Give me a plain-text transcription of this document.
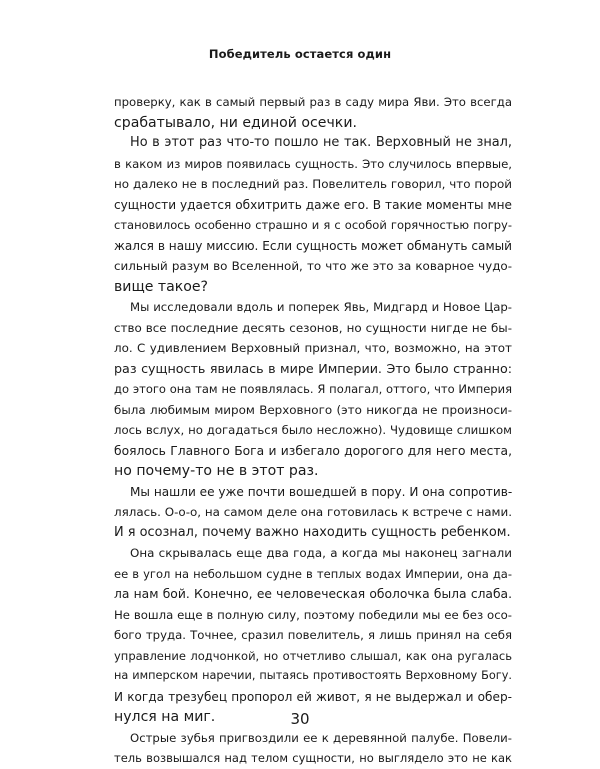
Победитель остается один
проверку, как в самый первый раз в саду мира Яви. Это всегда
срабатывало, ни единой осечки.
Но в этот раз что-то пошло не так. Верховный не знал,
в каком из миров появилась сущность. Это случилось впервые,
но далеко не в последний раз. Повелитель говорил, что порой
сущности удается обхитрить даже его. В такие моменты мне
становилось особенно страшно и я с особой горячностью погру-
жался в нашу миссию. Если сущность может обмануть самый
сильный разум во Вселенной, то что же это за коварное чудо-
вище такое?
Мы исследовали вдоль и поперек Явь, Мидгард и Новое Цар-
ство все последние десять сезонов, но сущности нигде не бы-
ло. С удивлением Верховный признал, что, возможно, на этот
раз сущность явилась в мире Империи. Это было странно:
до этого она там не появлялась. Я полагал, оттого, что Империя
была любимым миром Верховного (это никогда не произноси-
лось вслух, но догадаться было несложно). Чудовище слишком
боялось Главного Бога и избегало дорогого для него места,
но почему-то не в этот раз.
Мы нашли ее уже почти вошедшей в пору. И она сопротив-
лялась. О-о-о, на самом деле она готовилась к встрече с нами.
И я осознал, почему важно находить сущность ребенком.
Она скрывалась еще два года, а когда мы наконец загнали
ее в угол на небольшом судне в теплых водах Империи, она да-
ла нам бой. Конечно, ее человеческая оболочка была слаба.
Не вошла еще в полную силу, поэтому победили мы ее без осо-
бого труда. Точнее, сразил повелитель, я лишь принял на себя
управление лодчонкой, но отчетливо слышал, как она ругалась
на имперском наречии, пытаясь противостоять Верховному Богу.
И когда трезубец пропорол ей живот, я не выдержал и обер-
нулся на миг.
Острые зубья пригвоздили ее к деревянной палубе. Повели-
тель возвышался над телом сущности, но выглядело это не как
30
